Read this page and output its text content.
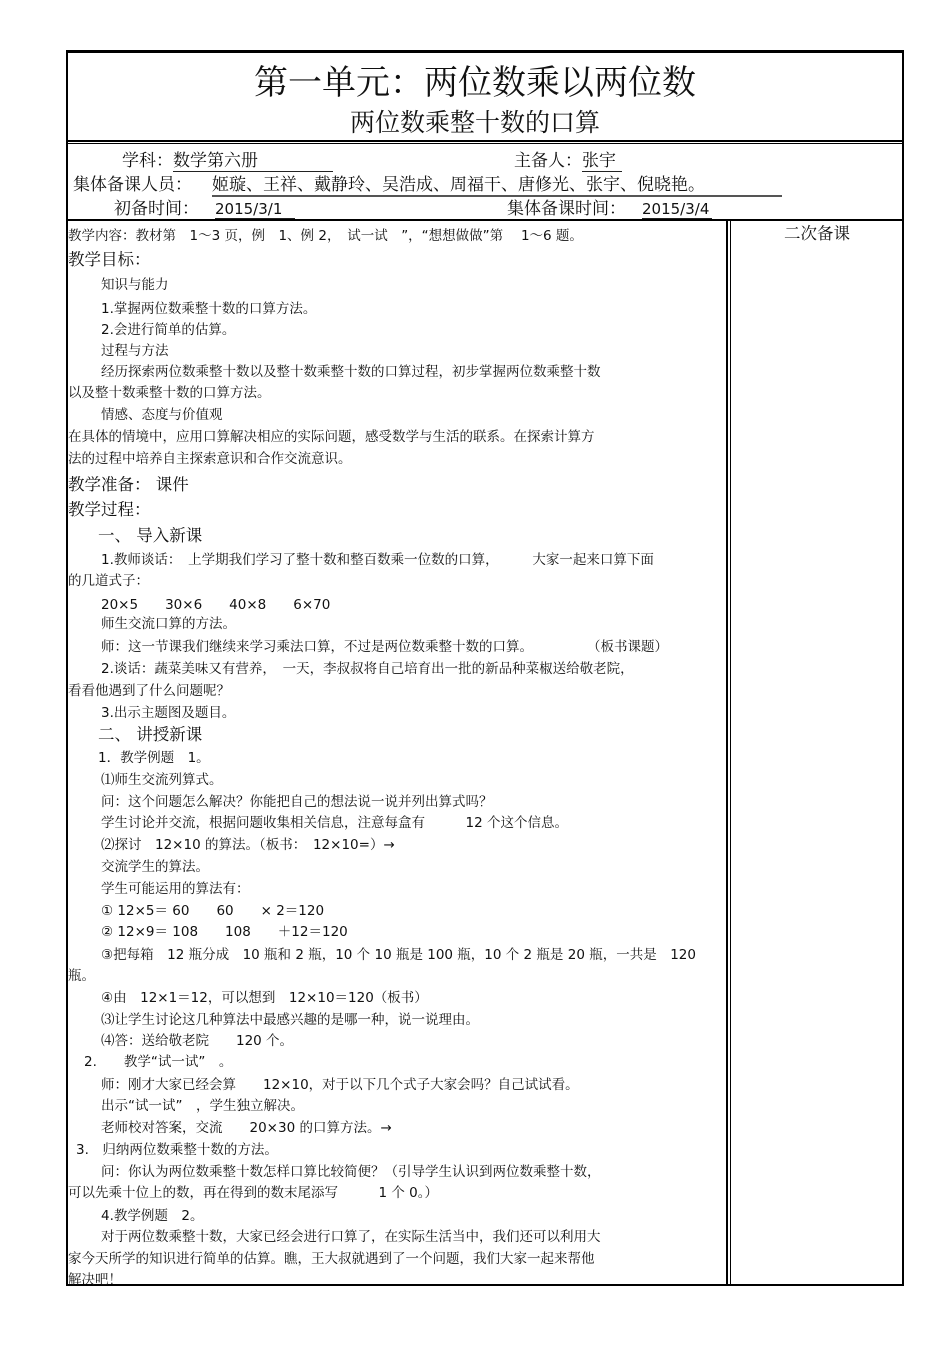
第一单元：两位数乘以两位数
两位数乘整十数的口算
学科：数学第六册	主备人：张宇
集体备课人员： 姬璇、王祥、戴静玲、吴浩成、周福干、唐修光、张宇、倪晓艳。
初备时间： 2015/3/1	集体备课时间： 2015/3/4
二次备课
教学内容：教材第　1～3 页，例　1、例 2，　试一试　”，“想想做做”第　 1～6 题。
教学目标：
知识与能力
1.掌握两位数乘整十数的口算方法。
2.会进行简单的估算。
过程与方法
经历探索两位数乘整十数以及整十数乘整十数的口算过程，初步掌握两位数乘整十数
以及整十数乘整十数的口算方法。
情感、态度与价值观
在具体的情境中，应用口算解决相应的实际问题，感受数学与生活的联系。在探索计算方
法的过程中培养自主探索意识和合作交流意识。
教学准备： 课件
教学过程：
一、 导入新课
1.教师谈话：　上学期我们学习了整十数和整百数乘一位数的口算，　　　大家一起来口算下面
的几道式子：
20×5　　30×6　　40×8　　6×70
师生交流口算的方法。
师：这一节课我们继续来学习乘法口算，不过是两位数乘整十数的口算。　　　　　（板书课题）
2.谈话：蔬菜美味又有营养，　一天，李叔叔将自己培育出一批的新品种菜椒送给敬老院，
看看他遇到了什么问题呢？
3.出示主题图及题目。
二、 讲授新课
1．教学例题　1。
⑴师生交流列算式。
问：这个问题怎么解决？你能把自己的想法说一说并列出算式吗？
学生讨论并交流，根据问题收集相关信息，注意每盒有　　　12 个这个信息。
⑵探讨　12×10 的算法。（板书：　12×10=）→
交流学生的算法。
学生可能运用的算法有：
① 12×5＝ 60　　60　　× 2＝120
② 12×9＝ 108　　108　　＋12＝120
③把每箱　12 瓶分成　10 瓶和 2 瓶，10 个 10 瓶是 100 瓶，10 个 2 瓶是 20 瓶，一共是　120
瓶。
④由　12×1＝12，可以想到　12×10＝120（板书）
⑶让学生讨论这几种算法中最感兴趣的是哪一种，说一说理由。
⑷答：送给敬老院　　120 个。
2.　　教学“试一试”　。
师：刚才大家已经会算　　12×10，对于以下几个式子大家会吗？自己试试看。
出示“试一试”　，学生独立解决。
老师校对答案，交流　　20×30 的口算方法。→
3.　归纳两位数乘整十数的方法。
问：你认为两位数乘整十数怎样口算比较简便？（引导学生认识到两位数乘整十数，
可以先乘十位上的数，再在得到的数末尾添写　　　1 个 0。）
4.教学例题　2。
对于两位数乘整十数，大家已经会进行口算了，在实际生活当中，我们还可以利用大
家今天所学的知识进行简单的估算。瞧，王大叔就遇到了一个问题，我们大家一起来帮他
解决吧！
